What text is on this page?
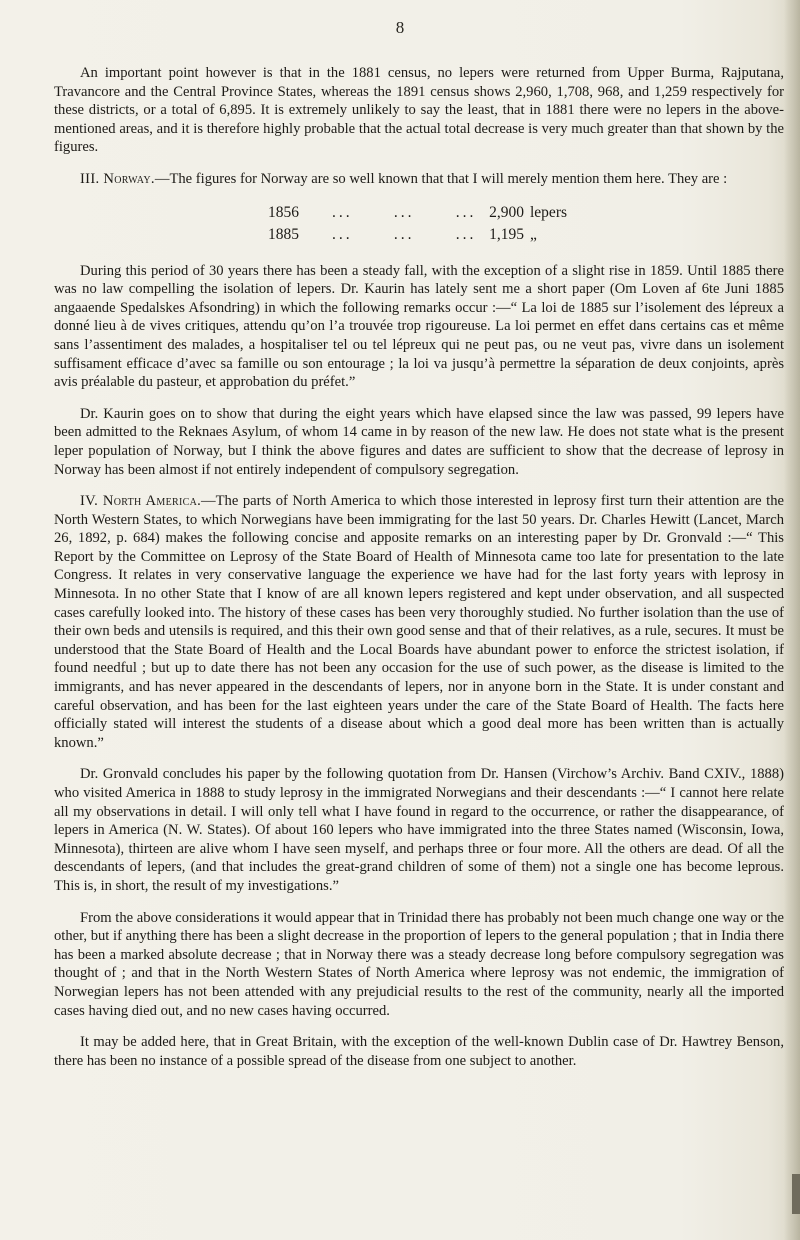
8

An important point however is that in the 1881 census, no lepers were returned from Upper Burma, Rajputana, Travancore and the Central Province States, whereas the 1891 census shows 2,960, 1,708, 968, and 1,259 respectively for these districts, or a total of 6,895. It is extremely unlikely to say the least, that in 1881 there were no lepers in the above-mentioned areas, and it is therefore highly probable that the actual total decrease is very much greater than that shown by the figures.

III. Norway.—The figures for Norway are so well known that that I will merely mention them here. They are :

1856	...      ...      ... 2,900 lepers
1885	...      ...      ... 1,195 „

During this period of 30 years there has been a steady fall, with the exception of a slight rise in 1859. Until 1885 there was no law compelling the isolation of lepers. Dr. Kaurin has lately sent me a short paper (Om Loven af 6te Juni 1885 angaaende Spedalskes Afsondring) in which the following remarks occur :—“ La loi de 1885 sur l’isolement des lépreux a donné lieu à de vives critiques, attendu qu’on l’a trouvée trop rigoureuse. La loi permet en effet dans certains cas et même sans l’assentiment des malades, a hospitaliser tel ou tel lépreux qui ne peut pas, ou ne veut pas, vivre dans un isolement suffisament efficace d’avec sa famille ou son entourage ; la loi va jusqu’à permettre la séparation de deux conjoints, après avis préalable du pasteur, et approbation du préfet.”

Dr. Kaurin goes on to show that during the eight years which have elapsed since the law was passed, 99 lepers have been admitted to the Reknaes Asylum, of whom 14 came in by reason of the new law. He does not state what is the present leper population of Norway, but I think the above figures and dates are sufficient to show that the decrease of leprosy in Norway has been almost if not entirely independent of compulsory segregation.

IV. North America.—The parts of North America to which those interested in leprosy first turn their attention are the North Western States, to which Norwegians have been immigrating for the last 50 years. Dr. Charles Hewitt (Lancet, March 26, 1892, p. 684) makes the following concise and apposite remarks on an interesting paper by Dr. Gronvald :—“ This Report by the Committee on Leprosy of the State Board of Health of Minnesota came too late for presentation to the late Congress. It relates in very conservative language the experience we have had for the last forty years with leprosy in Minnesota. In no other State that I know of are all known lepers registered and kept under observation, and all suspected cases carefully looked into. The history of these cases has been very thoroughly studied. No further isolation than the use of their own beds and utensils is required, and this their own good sense and that of their relatives, as a rule, secures. It must be understood that the State Board of Health and the Local Boards have abundant power to enforce the strictest isolation, if found needful ; but up to date there has not been any occasion for the use of such power, as the disease is limited to the immigrants, and has never appeared in the descendants of lepers, nor in anyone born in the State. It is under constant and careful observation, and has been for the last eighteen years under the care of the State Board of Health. The facts here officially stated will interest the students of a disease about which a good deal more has been written than is actually known.”

Dr. Gronvald concludes his paper by the following quotation from Dr. Hansen (Virchow’s Archiv. Band CXIV., 1888) who visited America in 1888 to study leprosy in the immigrated Norwegians and their descendants :—“ I cannot here relate all my observations in detail. I will only tell what I have found in regard to the occurrence, or rather the disappearance, of lepers in America (N. W. States). Of about 160 lepers who have immigrated into the three States named (Wisconsin, Iowa, Minnesota), thirteen are alive whom I have seen myself, and perhaps three or four more. All the others are dead. Of all the descendants of lepers, (and that includes the great-grand children of some of them) not a single one has become leprous. This is, in short, the result of my investigations.”

From the above considerations it would appear that in Trinidad there has probably not been much change one way or the other, but if anything there has been a slight decrease in the proportion of lepers to the general population ; that in India there has been a marked absolute decrease ; that in Norway there was a steady decrease long before compulsory segregation was thought of ; and that in the North Western States of North America where leprosy was not endemic, the immigration of Norwegian lepers has not been attended with any prejudicial results to the rest of the community, nearly all the imported cases having died out, and no new cases having occurred.

It may be added here, that in Great Britain, with the exception of the well-known Dublin case of Dr. Hawtrey Benson, there has been no instance of a possible spread of the disease from one subject to another.
